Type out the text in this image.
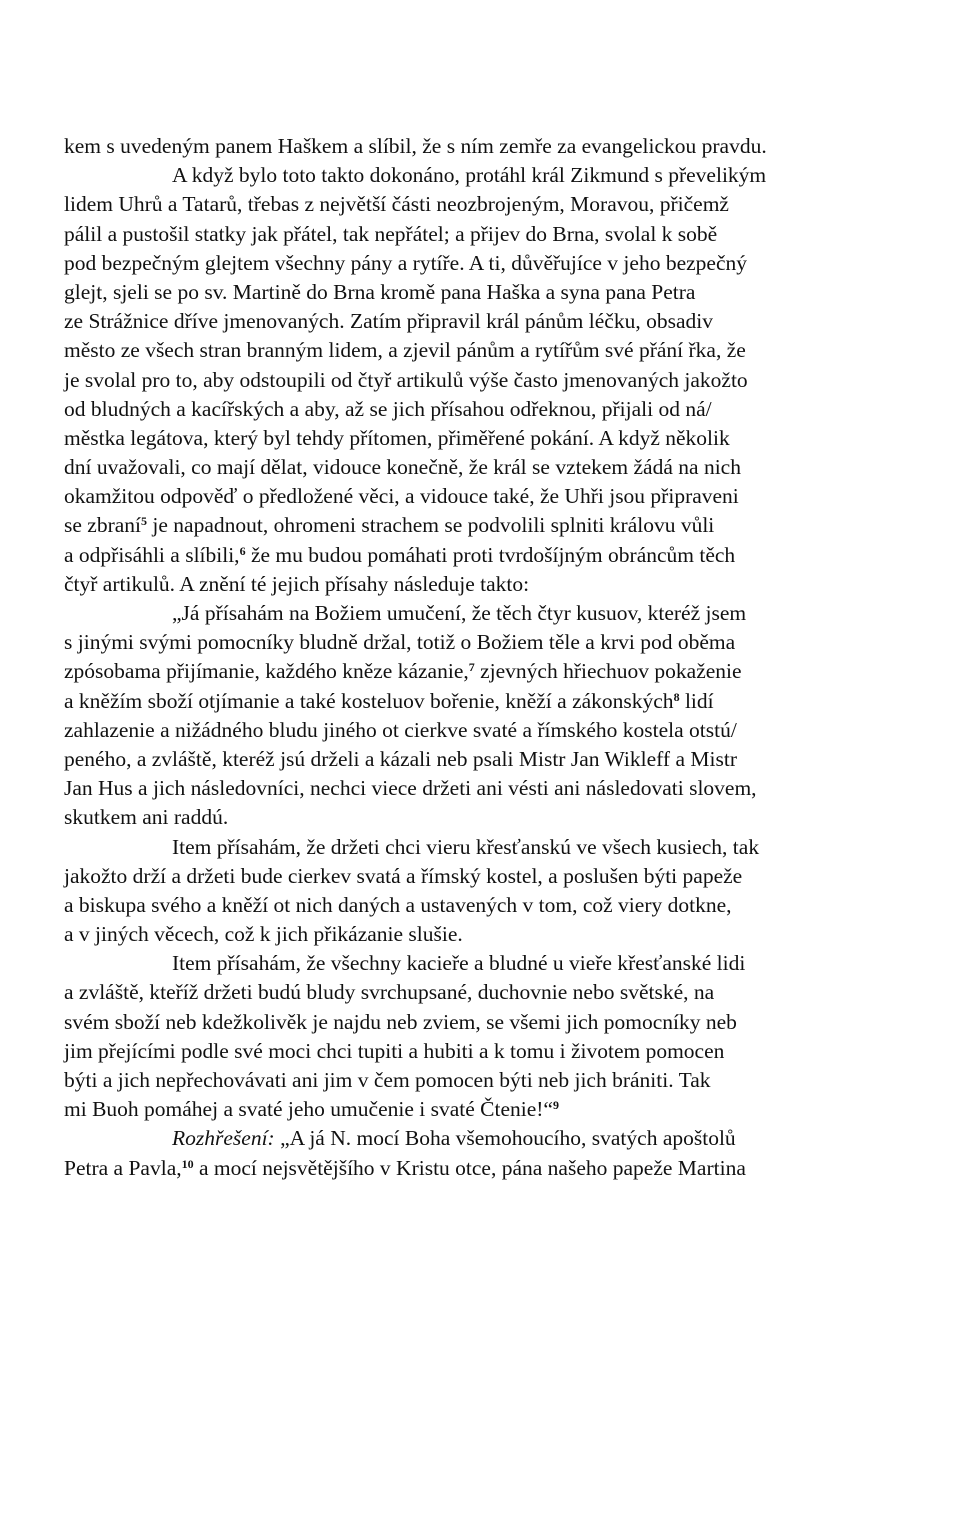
kem s uvedeným panem Haškem a slíbil, že s ním zemře za evangelickou pravdu.
A když bylo toto takto dokonáno, protáhl král Zikmund s převelikým
lidem Uhrů a Tatarů, třebas z největší části neozbrojeným, Moravou, přičemž
pálil a pustošil statky jak přátel, tak nepřátel; a přijev do Brna, svolal k sobě
pod bezpečným glejtem všechny pány a rytíře. A ti, důvěřujíce v jeho bezpečný
glejt, sjeli se po sv. Martině do Brna kromě pana Haška a syna pana Petra
ze Strážnice dříve jmenovaných. Zatím připravil král pánům léčku, obsadiv
město ze všech stran branným lidem, a zjevil pánům a rytířům své přání řka, že
je svolal pro to, aby odstoupili od čtyř artikulů výše často jmenovaných jakožto
od bludných a kacířských a aby, až se jich přísahou odřeknou, přijali od ná/
městka legátova, který byl tehdy přítomen, přiměřené pokání. A když několik
dní uvažovali, co mají dělat, vidouce konečně, že král se vztekem žádá na nich
okamžitou odpověď o předložené věci, a vidouce také, že Uhři jsou připraveni
se zbraní$^5$ je napadnout, ohromeni strachem se podvolili splniti královu vůli
a odpřisáhli a slíbili,$^6$ že mu budou pomáhati proti tvrdošíjným obráncům těch
čtyř artikulů. A znění té jejich přísahy následuje takto:
„Já přísahám na Božiem umučení, že těch čtyr kusuov, kteréž jsem
s jinými svými pomocníky bludně držal, totiž o Božiem těle a krvi pod oběma
zpósobama přijímanie, každého kněze kázanie,$^7$ zjevných hřiechuov pokaženie
a kněžím sboží otjímanie a také kosteluov bořenie, kněží a zákonských$^8$ lidí
zahlazenie a nižádného bludu jiného ot cierkve svaté a římského kostela otstú/
peného, a zvláště, kteréž jsú drželi a kázali neb psali Mistr Jan Wikleff a Mistr
Jan Hus a jich následovníci, nechci viece držeti ani vésti ani následovati slovem,
skutkem ani raddú.
Item přísahám, že držeti chci vieru křesťanskú ve všech kusiech, tak
jakožto drží a držeti bude cierkev svatá a římský kostel, a poslušen býti papeže
a biskupa svého a kněží ot nich daných a ustavených v tom, což viery dotkne,
a v jiných věcech, což k jich přikázanie slušie.
Item přísahám, že všechny kacieře a bludné u vieře křesťanské lidi
a zvláště, kteříž držeti budú bludy svrchupsané, duchovnie nebo světské, na
svém sboží neb kdežkolivěk je najdu neb zviem, se všemi jich pomocníky neb
jim přejícími podle své moci chci tupiti a hubiti a k tomu i životem pomocen
býti a jich nepřechovávati ani jim v čem pomocen býti neb jich brániti. Tak
mi Buoh pomáhej a svaté jeho umučenie i svaté Čtenie!“$^9$
Rozhřešení: „A já N. mocí Boha všemohoucího, svatých apoštolů
Petra a Pavla,$^{10}$ a mocí nejsvětějšího v Kristu otce, pána našeho papeže Martina
